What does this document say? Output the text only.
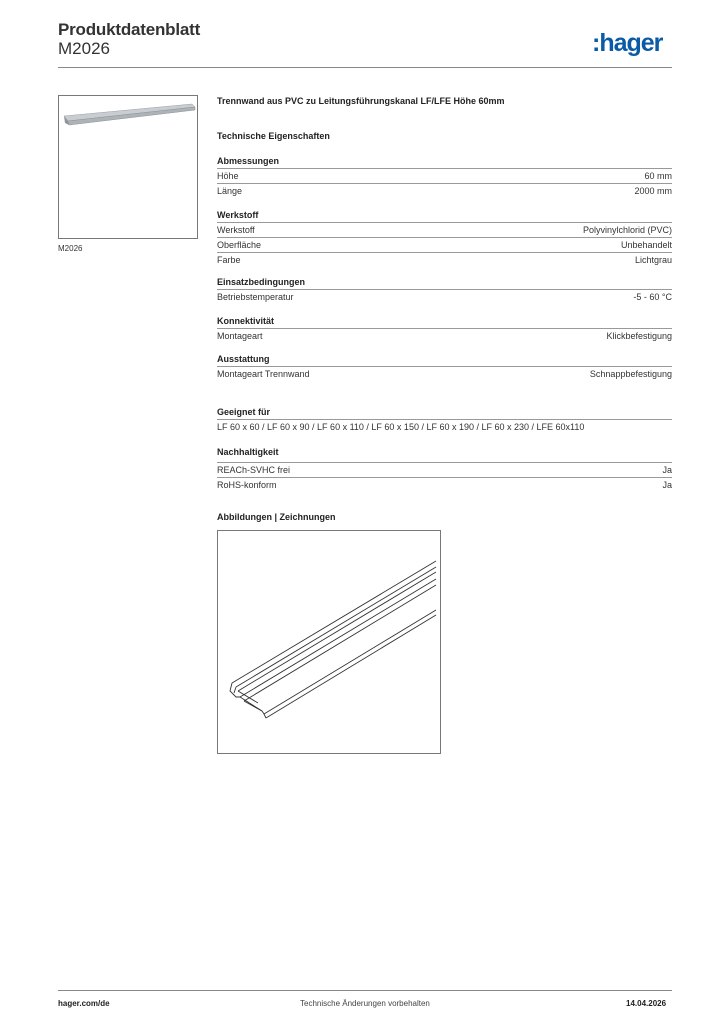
Produktdatenblatt
M2026	:hager
M2026
Trennwand aus PVC zu Leitungsführungskanal LF/LFE Höhe 60mm
Technische Eigenschaften
Abmessungen
Höhe	60 mm
Länge	2000 mm
Werkstoff
Werkstoff	Polyvinylchlorid (PVC)
Oberfläche	Unbehandelt
Farbe	Lichtgrau
Einsatzbedingungen
Betriebstemperatur	-5 - 60 °C
Konnektivität
Montageart	Klickbefestigung
Ausstattung
Montageart Trennwand	Schnappbefestigung
Geeignet für
LF 60 x 60 / LF 60 x 90 / LF 60 x 110 / LF 60 x 150 / LF 60 x 190 / LF 60 x 230 / LFE 60x110
Nachhaltigkeit
REACh-SVHC frei	Ja
RoHS-konform	Ja
Abbildungen | Zeichnungen
hager.com/de	Technische Änderungen vorbehalten	14.04.2026
